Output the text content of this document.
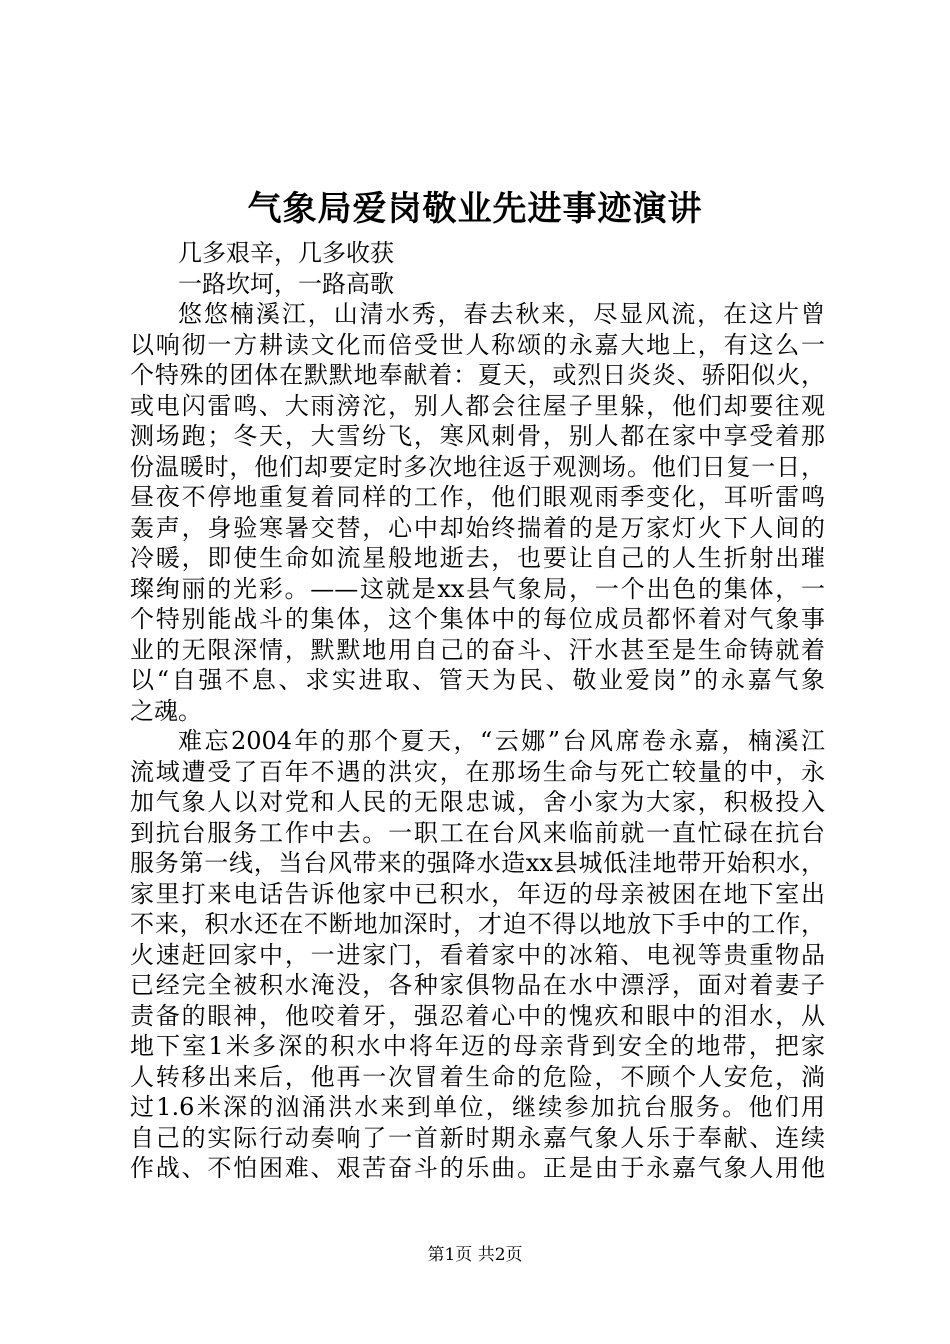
气象局爱岗敬业先进事迹演讲
几多艰辛，几多收获
一路坎坷，一路高歌
悠悠楠溪江，山清水秀，春去秋来，尽显风流，在这片曾
以响彻一方耕读文化而倍受世人称颂的永嘉大地上，有这么一
个特殊的团体在默默地奉献着：夏天，或烈日炎炎、骄阳似火，
或电闪雷鸣、大雨滂沱，别人都会往屋子里躲，他们却要往观
测场跑；冬天，大雪纷飞，寒风刺骨，别人都在家中享受着那
份温暖时，他们却要定时多次地往返于观测场。他们日复一日，
昼夜不停地重复着同样的工作，他们眼观雨季变化，耳听雷鸣
轰声，身验寒暑交替，心中却始终揣着的是万家灯火下人间的
冷暖，即使生命如流星般地逝去，也要让自己的人生折射出璀
璨绚丽的光彩。——这就是xx县气象局，一个出色的集体，一
个特别能战斗的集体，这个集体中的每位成员都怀着对气象事
业的无限深情，默默地用自己的奋斗、汗水甚至是生命铸就着
以“自强不息、求实进取、管天为民、敬业爱岗”的永嘉气象
之魂。
难忘2004年的那个夏天，“云娜”台风席卷永嘉，楠溪江
流域遭受了百年不遇的洪灾，在那场生命与死亡较量的中，永
加气象人以对党和人民的无限忠诚，舍小家为大家，积极投入
到抗台服务工作中去。一职工在台风来临前就一直忙碌在抗台
服务第一线，当台风带来的强降水造xx县城低洼地带开始积水，
家里打来电话告诉他家中已积水，年迈的母亲被困在地下室出
不来，积水还在不断地加深时，才迫不得以地放下手中的工作，
火速赶回家中，一进家门，看着家中的冰箱、电视等贵重物品
已经完全被积水淹没，各种家俱物品在水中漂浮，面对着妻子
责备的眼神，他咬着牙，强忍着心中的愧疚和眼中的泪水，从
地下室1米多深的积水中将年迈的母亲背到安全的地带，把家
人转移出来后，他再一次冒着生命的危险，不顾个人安危，淌
过1.6米深的汹涌洪水来到单位，继续参加抗台服务。他们用
自己的实际行动奏响了一首新时期永嘉气象人乐于奉献、连续
作战、不怕困难、艰苦奋斗的乐曲。正是由于永嘉气象人用他
第1页 共2页
